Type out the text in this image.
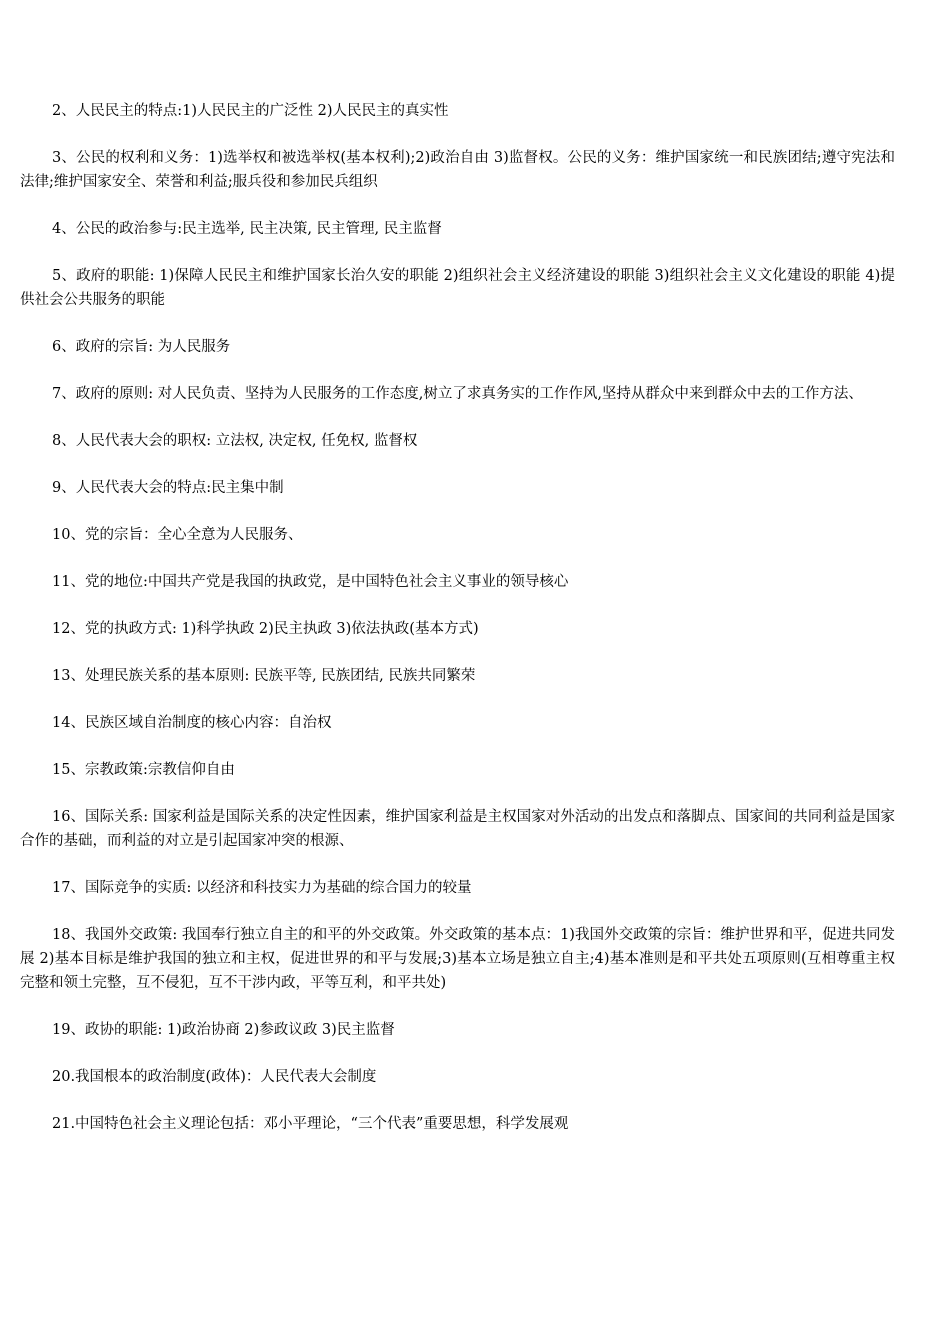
2、人民民主的特点:1)人民民主的广泛性 2)人民民主的真实性

3、公民的权利和义务：1)选举权和被选举权(基本权利);2)政治自由 3)监督权。公民的义务：维护国家统一和民族团结;遵守宪法和法律;维护国家安全、荣誉和利益;服兵役和参加民兵组织

4、公民的政治参与:民主选举, 民主决策, 民主管理, 民主监督

5、政府的职能: 1)保障人民民主和维护国家长治久安的职能 2)组织社会主义经济建设的职能 3)组织社会主义文化建设的职能 4)提供社会公共服务的职能

6、政府的宗旨: 为人民服务

7、政府的原则: 对人民负责、坚持为人民服务的工作态度,树立了求真务实的工作作风,坚持从群众中来到群众中去的工作方法、

8、人民代表大会的职权: 立法权, 决定权, 任免权, 监督权

9、人民代表大会的特点:民主集中制

10、党的宗旨：全心全意为人民服务、

11、党的地位:中国共产党是我国的执政党，是中国特色社会主义事业的领导核心

12、党的执政方式: 1)科学执政 2)民主执政 3)依法执政(基本方式)

13、处理民族关系的基本原则: 民族平等, 民族团结, 民族共同繁荣

14、民族区域自治制度的核心内容：自治权

15、宗教政策:宗教信仰自由

16、国际关系: 国家利益是国际关系的决定性因素，维护国家利益是主权国家对外活动的出发点和落脚点、国家间的共同利益是国家合作的基础，而利益的对立是引起国家冲突的根源、

17、国际竞争的实质: 以经济和科技实力为基础的综合国力的较量

18、我国外交政策: 我国奉行独立自主的和平的外交政策。外交政策的基本点：1)我国外交政策的宗旨：维护世界和平，促进共同发展 2)基本目标是维护我国的独立和主权，促进世界的和平与发展;3)基本立场是独立自主;4)基本准则是和平共处五项原则(互相尊重主权完整和领土完整，互不侵犯，互不干涉内政，平等互利，和平共处)

19、政协的职能: 1)政治协商 2)参政议政 3)民主监督

20.我国根本的政治制度(政体)：人民代表大会制度

21.中国特色社会主义理论包括：邓小平理论，“三个代表”重要思想，科学发展观
